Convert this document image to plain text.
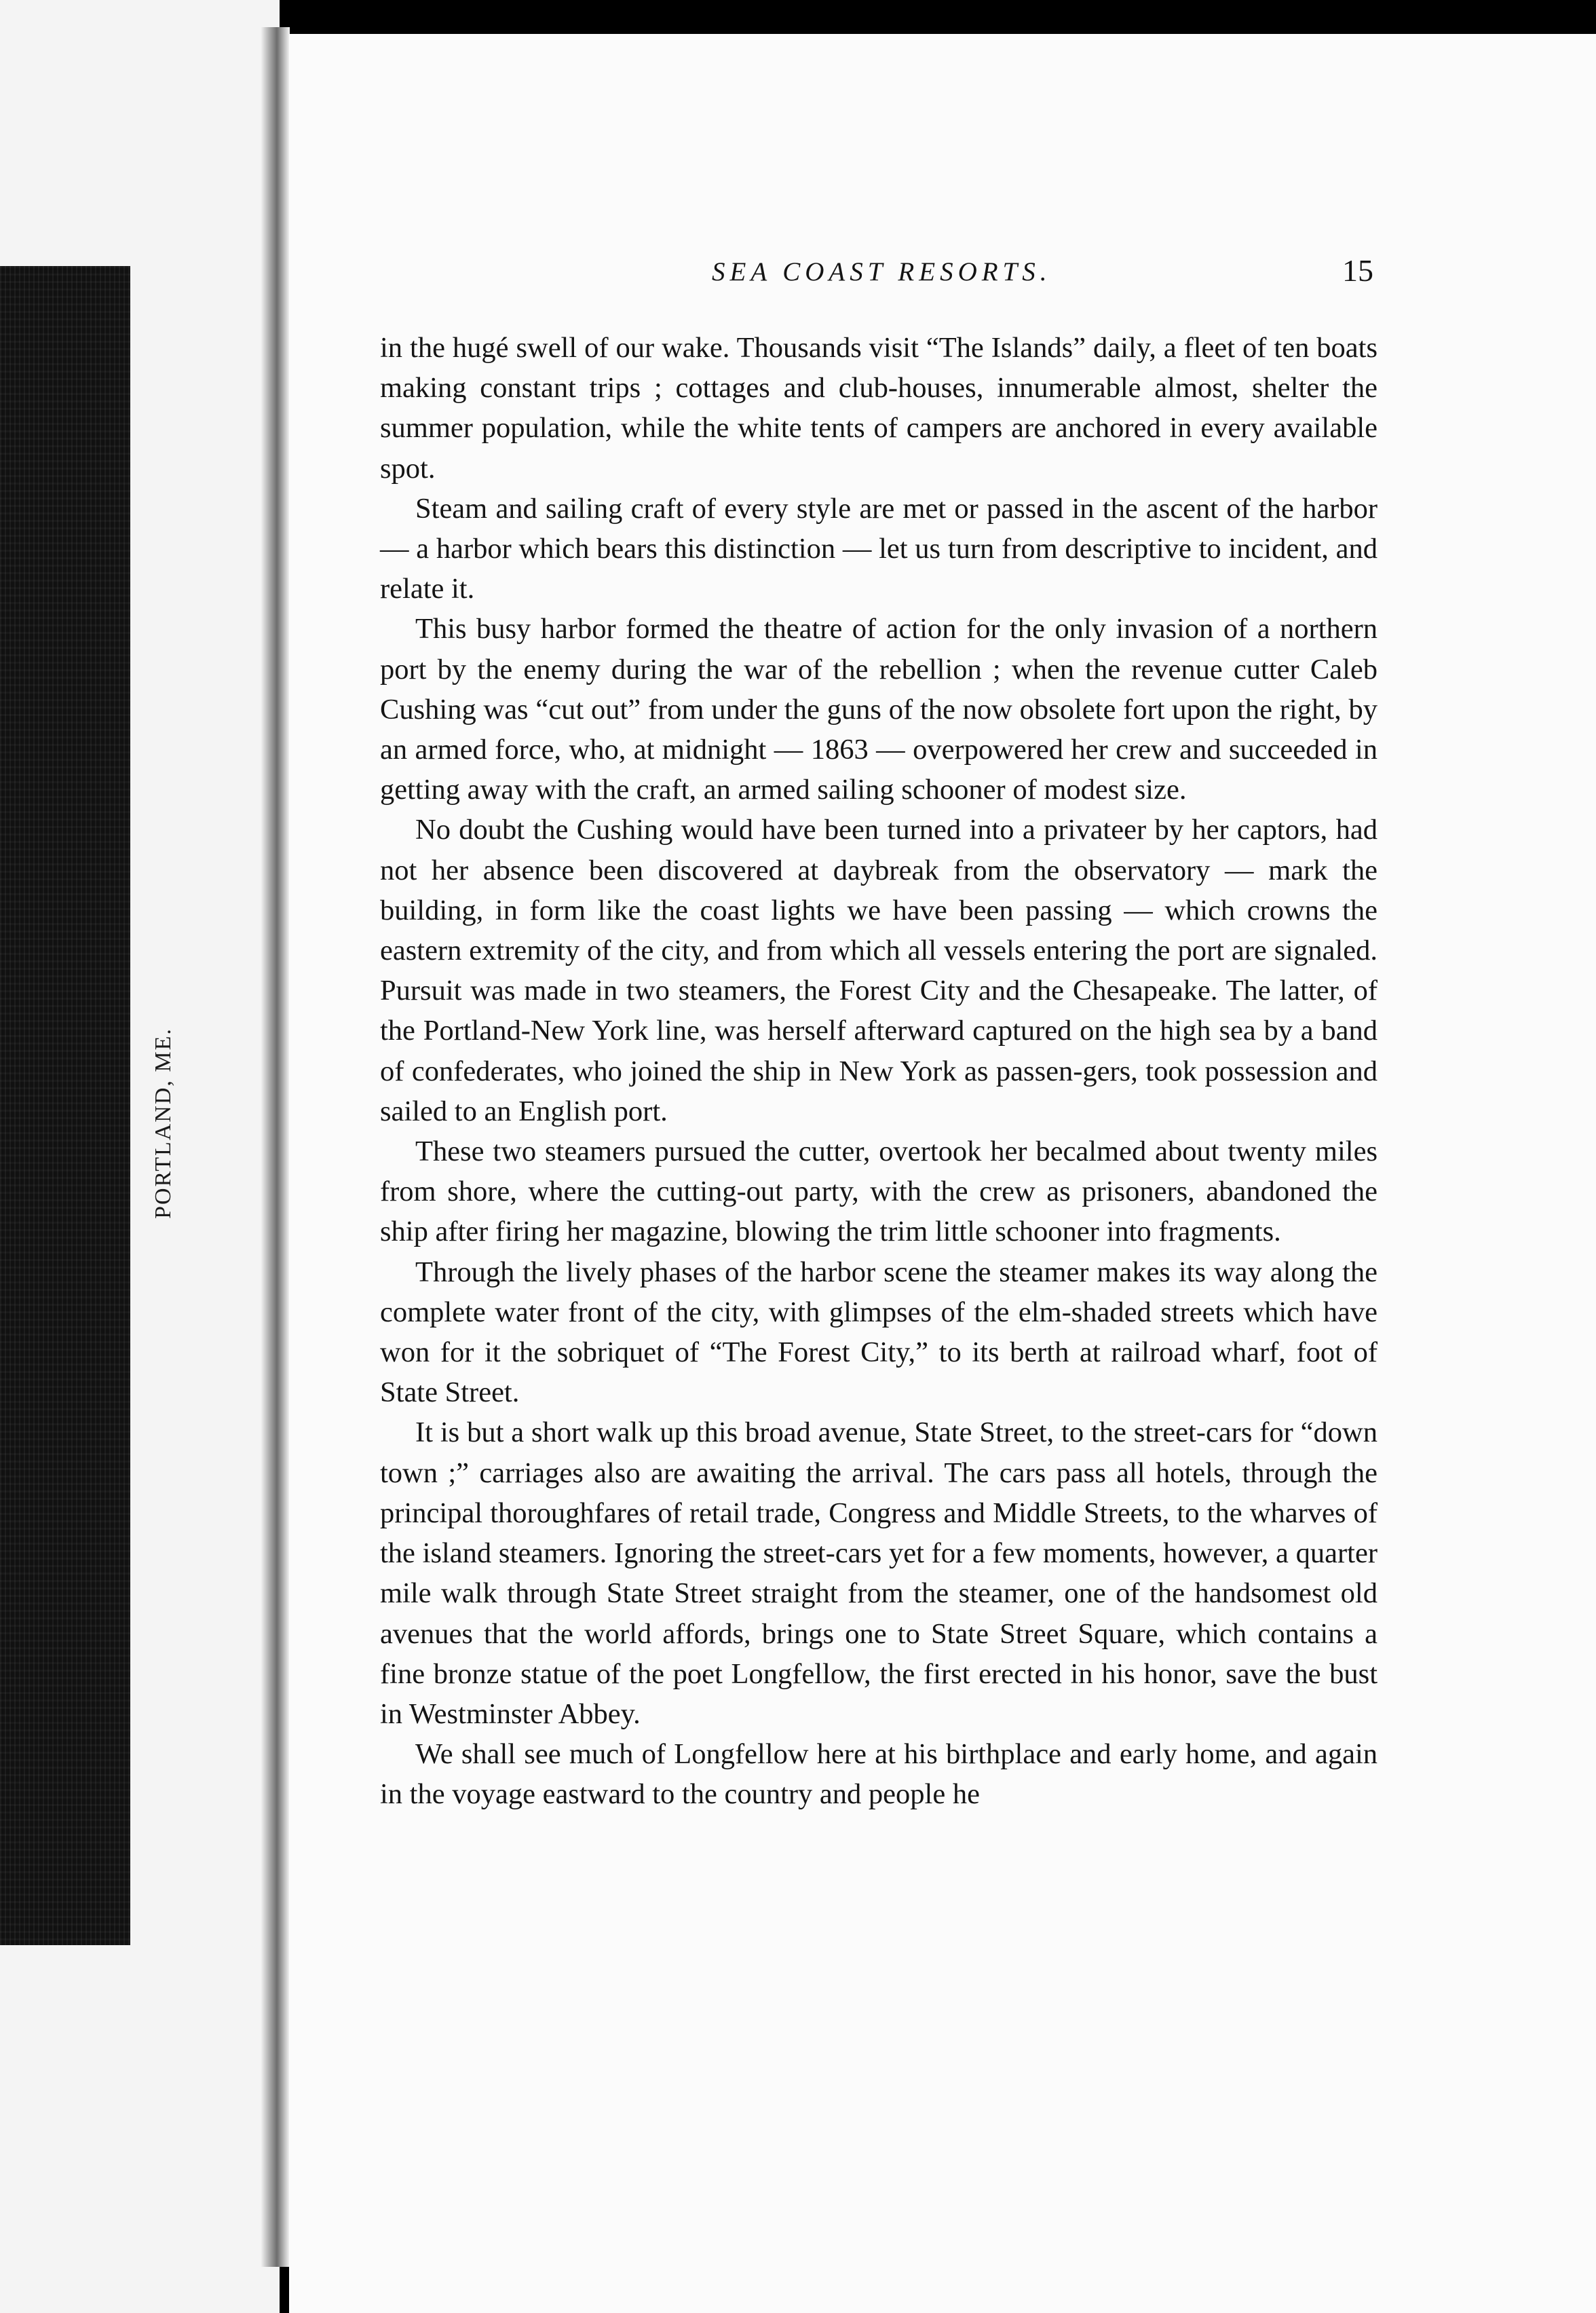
PORTLAND, ME.
SEA COAST RESORTS.	15

in the hugé swell of our wake. Thousands visit “The Islands” daily, a fleet of ten boats making constant trips ; cottages and club-houses, innumerable almost, shelter the summer population, while the white tents of campers are anchored in every available spot.

Steam and sailing craft of every style are met or passed in the ascent of the harbor — a harbor which bears this distinction — let us turn from descriptive to incident, and relate it.

This busy harbor formed the theatre of action for the only invasion of a northern port by the enemy during the war of the rebellion ; when the revenue cutter Caleb Cushing was “cut out” from under the guns of the now obsolete fort upon the right, by an armed force, who, at midnight — 1863 — overpowered her crew and succeeded in getting away with the craft, an armed sailing schooner of modest size.

No doubt the Cushing would have been turned into a privateer by her captors, had not her absence been discovered at daybreak from the observatory — mark the building, in form like the coast lights we have been passing — which crowns the eastern extremity of the city, and from which all vessels entering the port are signaled. Pursuit was made in two steamers, the Forest City and the Chesapeake. The latter, of the Portland-New York line, was herself afterward captured on the high sea by a band of confederates, who joined the ship in New York as passen-gers, took possession and sailed to an English port.

These two steamers pursued the cutter, overtook her becalmed about twenty miles from shore, where the cutting-out party, with the crew as prisoners, abandoned the ship after firing her magazine, blowing the trim little schooner into fragments.

Through the lively phases of the harbor scene the steamer makes its way along the complete water front of the city, with glimpses of the elm-shaded streets which have won for it the sobriquet of “The Forest City,” to its berth at railroad wharf, foot of State Street.

It is but a short walk up this broad avenue, State Street, to the street-cars for “down town ;” carriages also are awaiting the arrival. The cars pass all hotels, through the principal thoroughfares of retail trade, Congress and Middle Streets, to the wharves of the island steamers. Ignoring the street-cars yet for a few moments, however, a quarter mile walk through State Street straight from the steamer, one of the handsomest old avenues that the world affords, brings one to State Street Square, which contains a fine bronze statue of the poet Longfellow, the first erected in his honor, save the bust in Westminster Abbey.

We shall see much of Longfellow here at his birthplace and early home, and again in the voyage eastward to the country and people he
